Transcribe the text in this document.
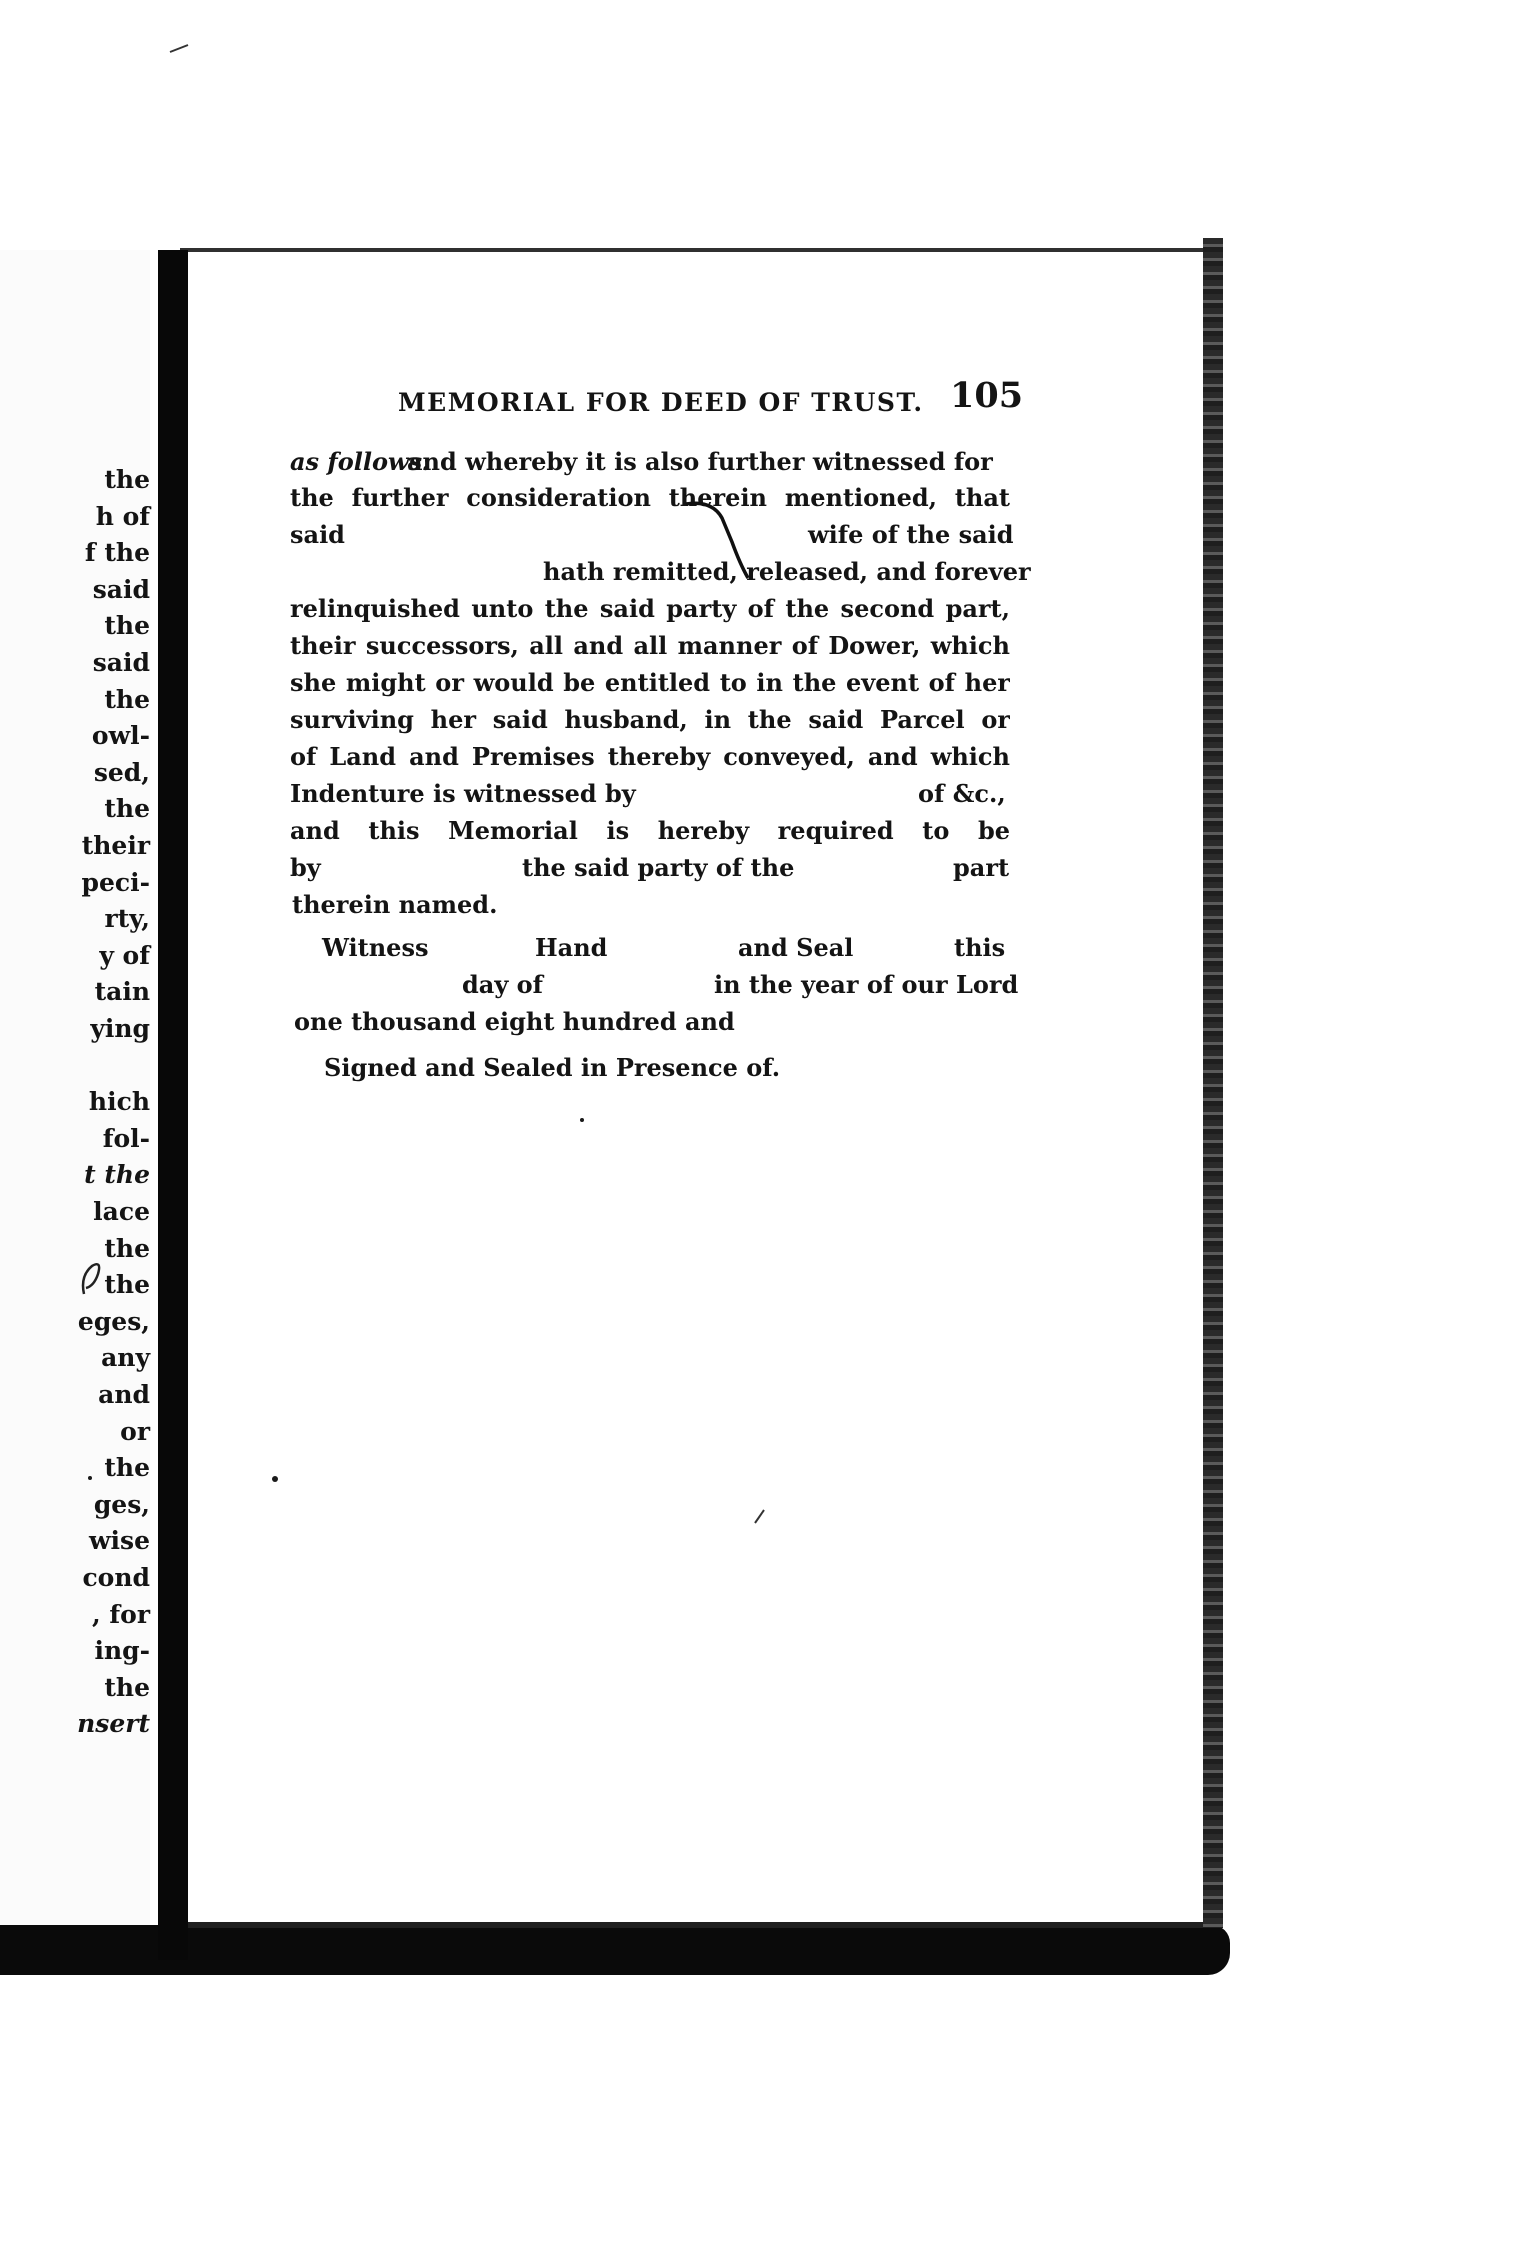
the
h of
f the
said
the
said
the
owl-
sed,
the
their
peci-
rty,
y of
tain
ying
hich
fol-
t the
lace
the
the
eges,
any
and
or
the
ges,
wise
cond
, for
ing-
the
nsert
MEMORIAL FOR DEED OF TRUST. 105
as follows:
and whereby it is also further witnessed for
the further consideration therein mentioned, that
said	wife of the said
hath remitted, released, and forever
relinquished unto the said party of the second part,
their successors, all and all manner of Dower, which
she might or would be entitled to in the event of her
surviving her said husband, in the said Parcel or
of Land and Premises thereby conveyed, and which
Indenture is witnessed by	of &c.,
and this Memorial is hereby required to be
by	the said party of the	part
therein named.
Witness	Hand	and Seal	this
day of	in the year of our Lord
one thousand eight hundred and
Signed and Sealed in Presence of.
